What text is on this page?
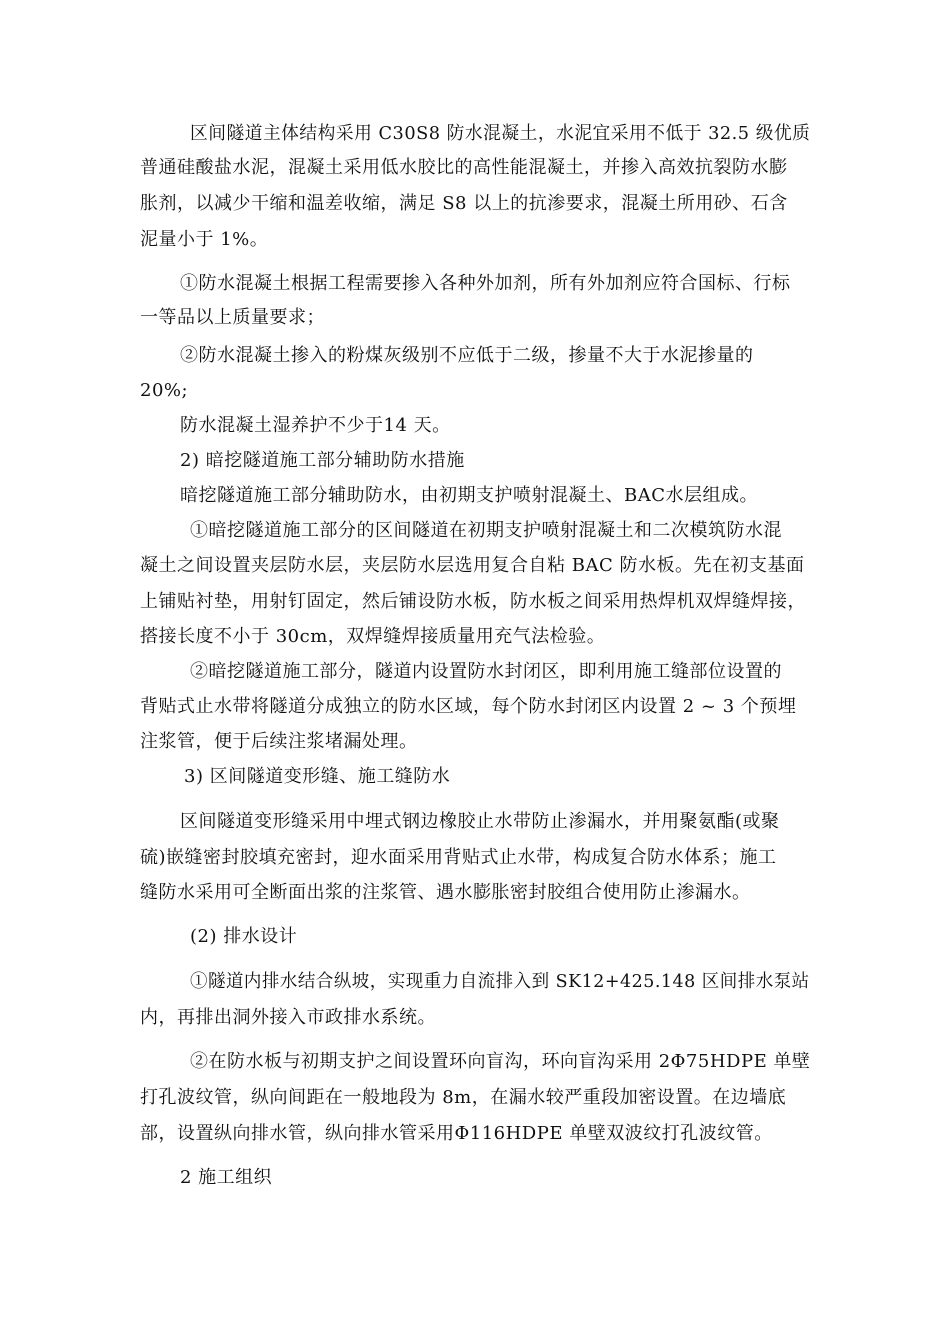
区间隧道主体结构采用 C30S8 防水混凝土，水泥宜采用不低于 32.5 级优质
普通硅酸盐水泥，混凝土采用低水胶比的高性能混凝土，并掺入高效抗裂防水膨
胀剂，以减少干缩和温差收缩，满足 S8 以上的抗渗要求，混凝土所用砂、石含
泥量小于 1%。
①防水混凝土根据工程需要掺入各种外加剂，所有外加剂应符合国标、行标
一等品以上质量要求；
②防水混凝土掺入的粉煤灰级别不应低于二级，掺量不大于水泥掺量的
20%;
防水混凝土湿养护不少于14 天。
2) 暗挖隧道施工部分辅助防水措施
暗挖隧道施工部分辅助防水，由初期支护喷射混凝土、BAC水层组成。
①暗挖隧道施工部分的区间隧道在初期支护喷射混凝土和二次模筑防水混
凝土之间设置夹层防水层，夹层防水层选用复合自粘 BAC 防水板。先在初支基面
上铺贴衬垫，用射钉固定，然后铺设防水板，防水板之间采用热焊机双焊缝焊接，
搭接长度不小于 30cm，双焊缝焊接质量用充气法检验。
②暗挖隧道施工部分，隧道内设置防水封闭区，即利用施工缝部位设置的
背贴式止水带将隧道分成独立的防水区域，每个防水封闭区内设置 2 ~ 3 个预埋
注浆管，便于后续注浆堵漏处理。
3) 区间隧道变形缝、施工缝防水
区间隧道变形缝采用中埋式钢边橡胶止水带防止渗漏水，并用聚氨酯(或聚
硫)嵌缝密封胶填充密封，迎水面采用背贴式止水带，构成复合防水体系；施工
缝防水采用可全断面出浆的注浆管、遇水膨胀密封胶组合使用防止渗漏水。
(2) 排水设计
①隧道内排水结合纵坡，实现重力自流排入到 SK12+425.148 区间排水泵站
内，再排出洞外接入市政排水系统。
②在防水板与初期支护之间设置环向盲沟，环向盲沟采用 2Φ75HDPE 单壁
打孔波纹管，纵向间距在一般地段为 8m，在漏水较严重段加密设置。在边墙底
部，设置纵向排水管，纵向排水管采用Φ116HDPE 单壁双波纹打孔波纹管。
2 施工组织
